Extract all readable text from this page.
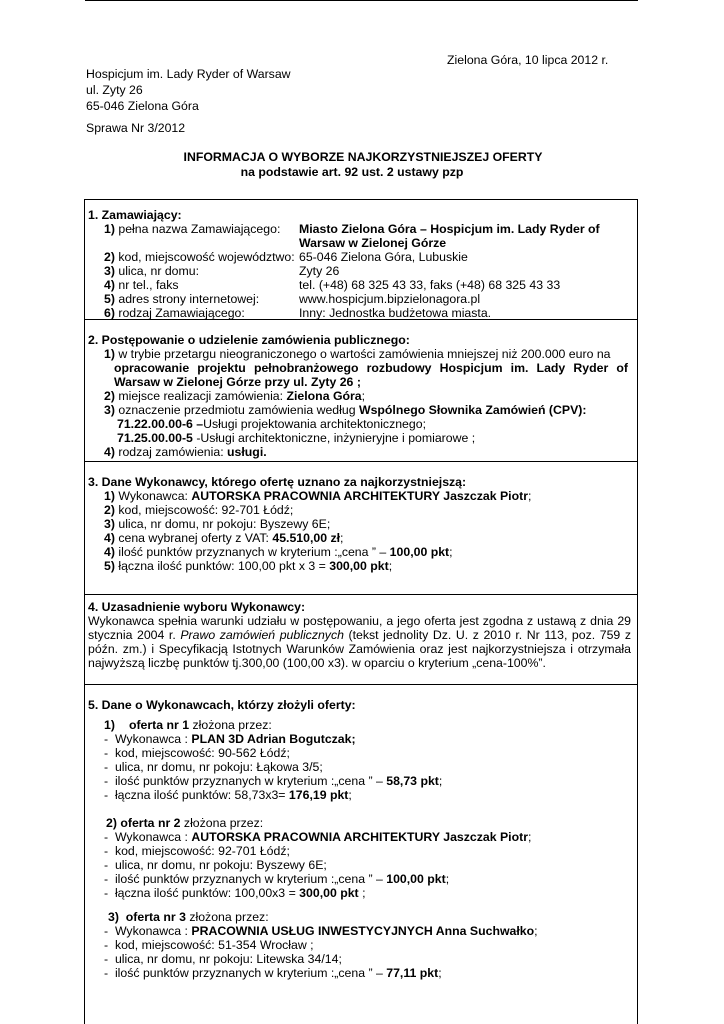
Zielona Góra, 10 lipca 2012 r.
Hospicjum im. Lady Ryder of Warsaw
ul. Zyty 26
65-046 Zielona Góra
Sprawa Nr 3/2012
INFORMACJA O WYBORZE NAJKORZYSTNIEJSZEJ OFERTY
na podstawie art. 92 ust. 2 ustawy pzp
1. Zamawiający:
1) pełna nazwa Zamawiającego: Miasto Zielona Góra – Hospicjum im. Lady Ryder of
Warsaw w Zielonej Górze
2) kod, miejscowość województwo: 65-046 Zielona Góra, Lubuskie
3) ulica, nr domu:	Zyty 26
4) nr tel., faks	tel. (+48) 68 325 43 33, faks (+48) 68 325 43 33
5) adres strony internetowej:	www.hospicjum.bipzielonagora.pl
6) rodzaj Zamawiającego:	Inny: Jednostka budżetowa miasta.
2. Postępowanie o udzielenie zamówienia publicznego:
1) w trybie przetargu nieograniczonego o wartości zamówienia mniejszej niż 200.000 euro na
opracowanie projektu pełnobranżowego rozbudowy Hospicjum im. Lady Ryder of
Warsaw w Zielonej Górze przy ul. Zyty 26 ;
2) miejsce realizacji zamówienia: Zielona Góra;
3) oznaczenie przedmiotu zamówienia według Wspólnego Słownika Zamówień (CPV):
71.22.00.00-6 –Usługi projektowania architektonicznego;
71.25.00.00-5 -Usługi architektoniczne, inżynieryjne i pomiarowe ;
4) rodzaj zamówienia: usługi.
3. Dane Wykonawcy, którego ofertę uznano za najkorzystniejszą:
1) Wykonawca: AUTORSKA PRACOWNIA ARCHITEKTURY Jaszczak Piotr;
2) kod, miejscowość: 92-701 Łódź;
3) ulica, nr domu, nr pokoju: Byszewy 6E;
4) cena wybranej oferty z VAT: 45.510,00 zł;
4) ilość punktów przyznanych w kryterium :„cena ” – 100,00 pkt;
5) łączna ilość punktów: 100,00 pkt x 3 = 300,00 pkt;
4. Uzasadnienie wyboru Wykonawcy:
Wykonawca spełnia warunki udziału w postępowaniu, a jego oferta jest zgodna z ustawą z dnia 29
stycznia 2004 r. Prawo zamówień publicznych (tekst jednolity Dz. U. z 2010 r. Nr 113, poz. 759 z
późn. zm.) i Specyfikacją Istotnych Warunków Zamówienia oraz jest najkorzystniejsza i otrzymała
najwyższą liczbę punktów tj.300,00 (100,00 x3). w oparciu o kryterium „cena-100%”.
5. Dane o Wykonawcach, którzy złożyli oferty:
1) oferta nr 1 złożona przez:
-  Wykonawca : PLAN 3D Adrian Bogutczak;
-  kod, miejscowość: 90-562 Łódź;
-  ulica, nr domu, nr pokoju: Łąkowa 3/5;
-  ilość punktów przyznanych w kryterium :„cena ” – 58,73 pkt;
-  łączna ilość punktów: 58,73x3= 176,19 pkt;
2) oferta nr 2 złożona przez:
-  Wykonawca : AUTORSKA PRACOWNIA ARCHITEKTURY Jaszczak Piotr;
-  kod, miejscowość: 92-701 Łódź;
-  ulica, nr domu, nr pokoju: Byszewy 6E;
-  ilość punktów przyznanych w kryterium :„cena ” – 100,00 pkt;
-  łączna ilość punktów: 100,00x3 = 300,00 pkt ;
3) oferta nr 3 złożona przez:
-  Wykonawca : PRACOWNIA USŁUG INWESTYCYJNYCH Anna Suchwałko;
-  kod, miejscowość: 51-354 Wrocław ;
-  ulica, nr domu, nr pokoju: Litewska 34/14;
-  ilość punktów przyznanych w kryterium :„cena ” – 77,11 pkt;
